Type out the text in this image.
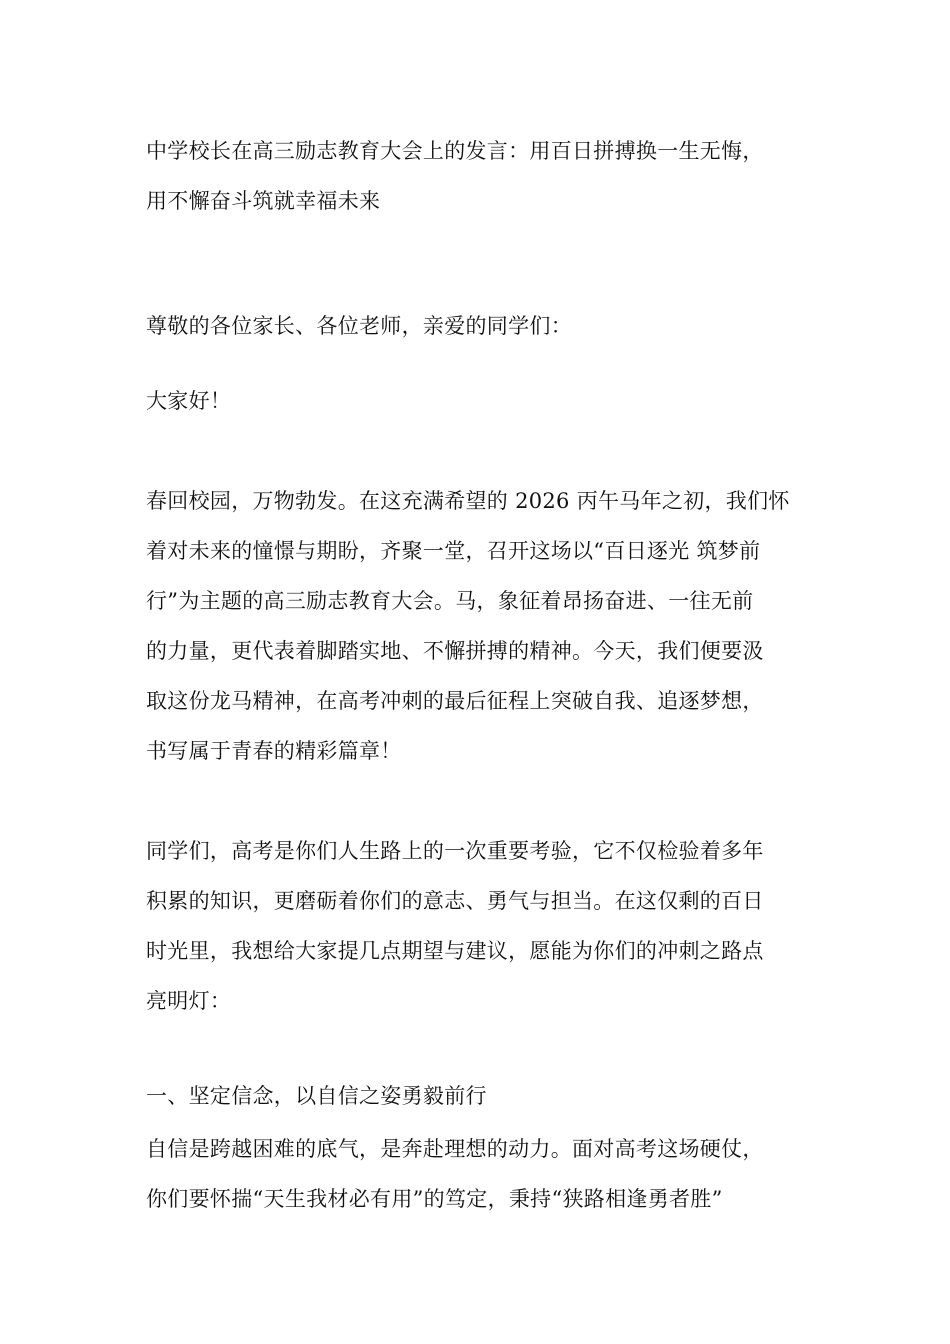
中学校长在高三励志教育大会上的发言：用百日拼搏换一生无悔，
用不懈奋斗筑就幸福未来
尊敬的各位家长、各位老师，亲爱的同学们：
大家好！
春回校园，万物勃发。在这充满希望的 2026 丙午马年之初，我们怀
着对未来的憧憬与期盼，齐聚一堂，召开这场以“百日逐光 筑梦前
行”为主题的高三励志教育大会。马，象征着昂扬奋进、一往无前
的力量，更代表着脚踏实地、不懈拼搏的精神。今天，我们便要汲
取这份龙马精神，在高考冲刺的最后征程上突破自我、追逐梦想，
书写属于青春的精彩篇章！
同学们，高考是你们人生路上的一次重要考验，它不仅检验着多年
积累的知识，更磨砺着你们的意志、勇气与担当。在这仅剩的百日
时光里，我想给大家提几点期望与建议，愿能为你们的冲刺之路点
亮明灯：
一、坚定信念，以自信之姿勇毅前行
自信是跨越困难的底气，是奔赴理想的动力。面对高考这场硬仗，
你们要怀揣“天生我材必有用”的笃定，秉持“狭路相逢勇者胜”
